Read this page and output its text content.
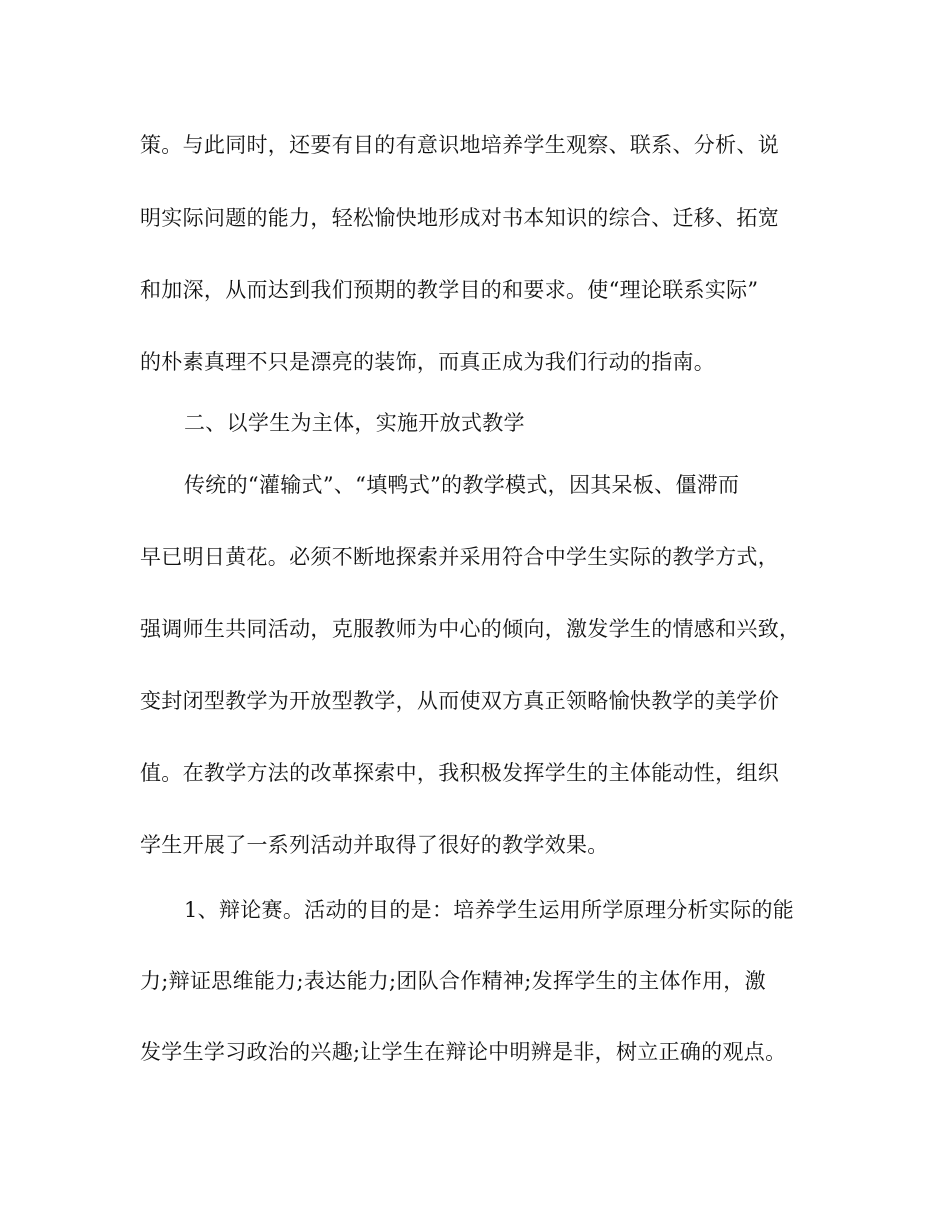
策。与此同时，还要有目的有意识地培养学生观察、联系、分析、说
明实际问题的能力，轻松愉快地形成对书本知识的综合、迁移、拓宽
和加深，从而达到我们预期的教学目的和要求。使“理论联系实际”
的朴素真理不只是漂亮的装饰，而真正成为我们行动的指南。
二、以学生为主体，实施开放式教学
传统的“灌输式”、“填鸭式”的教学模式，因其呆板、僵滞而
早已明日黄花。必须不断地探索并采用符合中学生实际的教学方式，
强调师生共同活动，克服教师为中心的倾向，激发学生的情感和兴致，
变封闭型教学为开放型教学，从而使双方真正领略愉快教学的美学价
值。在教学方法的改革探索中，我积极发挥学生的主体能动性，组织
学生开展了一系列活动并取得了很好的教学效果。
1、辩论赛。活动的目的是：培养学生运用所学原理分析实际的能
力;辩证思维能力;表达能力;团队合作精神;发挥学生的主体作用，激
发学生学习政治的兴趣;让学生在辩论中明辨是非，树立正确的观点。
